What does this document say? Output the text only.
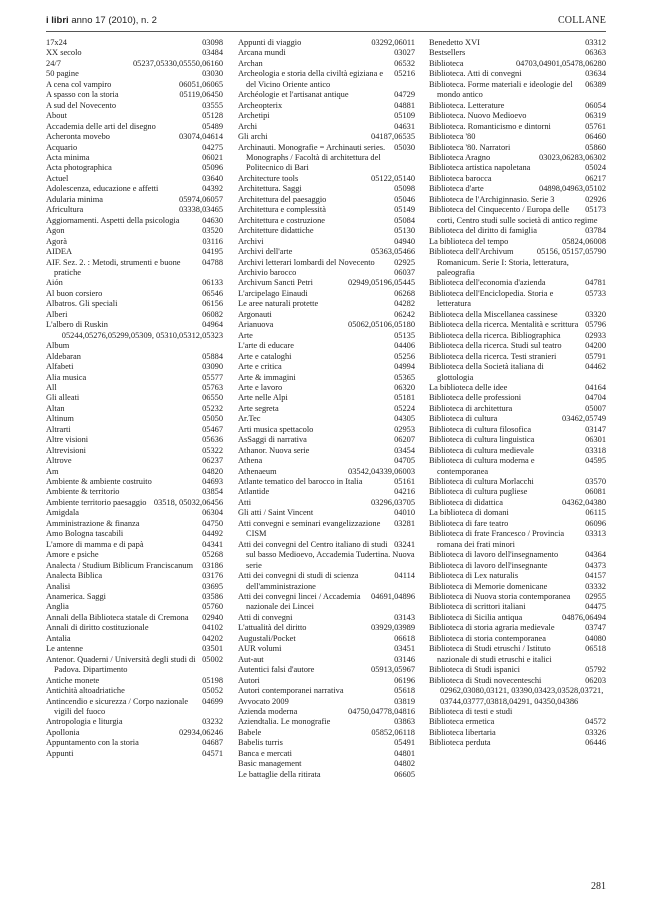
i libri anno 17 (2010), n. 2	COLLANE
03098
17x24
03484
XX secolo
05237,05330,05550,06160
24/7
03030
50 pagine
06051,06065
A cena col vampiro
05119,06450
A spasso con la storia
03555
A sud del Novecento
05128
About
05489
Accademia delle arti del disegno
03074,04614
Acheronta movebo
04275
Acquario
06021
Acta minima
05096
Acta photographica
03640
Actuel
04392
Adolescenza, educazione e affetti
05974,06057
Adularia minima
03338,03465
Africultura
04630
Aggiornamenti. Aspetti della psicologia
03520
Agon
03116
Agorà
04195
AIDEA
04788
AIF. Sez. 2. : Metodi, strumenti e buone pratiche
06133
Aión
06546
Al buon corsiero
06156
Albatros. Gli speciali
06082
Alberi
04964
L'albero di Ruskin
05244,05276,05299,05309, 05310,05312,05323
Album
05884
Aldebaran
03090
Alfabeti
05577
Alia musica
05763
All
06550
Gli alleati
05232
Altan
05050
Altinum
05467
Altrarti
05636
Altre visioni
05322
Altrevisioni
06237
Altrove
04820
Am
04693
Ambiente & ambiente costruito
03854
Ambiente & territorio
03518, 05032,06456
Ambiente territorio paesaggio
06304
Amigdala
04750
Amministrazione & finanza
04492
Amo Bologna tascabili
04341
L'amore di mamma e di papà
05268
Amore e psiche
03186
Analecta / Studium Biblicum Franciscanum
03176
Analecta Biblica
03695
Analisi
03586
Anamerica. Saggi
05760
Anglia
02940
Annali della Biblioteca statale di Cremona
04102
Annali di diritto costituzionale
04202
Antalia
03501
Le antenne
05002
Antenor. Quaderni / Università degli studi di Padova. Dipartimento
05198
Antiche monete
05052
Antichità altoadriatiche
04699
Antincendio e sicurezza / Corpo nazionale vigili del fuoco
03232
Antropologia e liturgia
02934,06246
Apollonia
04687
Appuntamento con la storia
04571
Appunti
03292,06011
Appunti di viaggio
03027
Arcana mundi
06532
Archan
05216
Archeologia e storia della civiltà egiziana e del Vicino Oriente antico
04729
Archéologie et l'artisanat antique
04881
Archeopterix
05109
Archetipi
04631
Archi
04187,06535
Gli archi
05030
Archinauti. Monografie = Archinauti series. Monographs / Facoltà di architettura del Politecnico di Bari
05122,05140
Architecture tools
05098
Architettura. Saggi
05046
Architettura del paesaggio
05149
Architettura e complessità
05084
Architettura e costruzione
05130
Architetture didattiche
04940
Archivi
05363,05466
Archivi dell'arte
02925
Archivi letterari lombardi del Novecento
06037
Archivio barocco
02949,05196,05445
Archivum Sancti Petri
06268
L'arcipelago Einaudi
04282
Le aree naturali protette
06242
Argonauti
05062,05106,05180
Arianuova
05135
Arte
04406
L'arte di educare
05256
Arte e cataloghi
04994
Arte e critica
05365
Arte & immagini
06320
Arte e lavoro
05181
Arte nelle Alpi
05224
Arte segreta
04305
Ar.Tec
02953
Arti musica spettacolo
06207
AsSaggi di narrativa
03454
Athanor. Nuova serie
04705
Athena
03542,04339,06003
Athenaeum
05161
Atlante tematico del barocco in Italia
04216
Atlantide
03296,03705
Atti
04010
Gli atti / Saint Vincent
03281
Atti convegni e seminari evangelizzazione CISM
03241
Atti dei convegni del Centro italiano di studi sul basso Medioevo, Accademia Tudertina. Nuova serie
04114
Atti dei convegni di studi di scienza dell'amministrazione
04691,04896
Atti dei convegni lincei / Accademia nazionale dei Lincei
03143
Atti di convegni
03929,03989
L'attualità del diritto
06618
Augustali/Pocket
03451
AUR volumi
03146
Aut-aut
05913,05967
Autentici falsi d'autore
06196
Autori
05618
Autori contemporanei narrativa
03819
Avvocato 2009
04750,04778,04816
Azienda moderna
03863
Aziendtalia. Le monografie
05852,06118
Babele
05491
Babelis turris
04801
Banca e mercati
04802
Basic management
06605
Le battaglie della ritirata
03312
Benedetto XVI
06363
Bestsellers
04703,04901,05478,06280
Biblioteca
03634
Biblioteca. Atti di convegni
06389
Biblioteca. Forme materiali e ideologie del mondo antico
06054
Biblioteca. Letterature
06319
Biblioteca. Nuovo Medioevo
05761
Biblioteca. Romanticismo e dintorni
06460
Biblioteca '80
05860
Biblioteca '80. Narratori
03023,06283,06302
Biblioteca Aragno
05024
Biblioteca artistica napoletana
06217
Biblioteca barocca
04898,04963,05102
Biblioteca d'arte
02926
Biblioteca de l'Archiginnasio. Serie 3
05173
Biblioteca del Cinquecento / Europa delle corti, Centro studi sulle società di antico regime
03784
Biblioteca del diritto di famiglia
05824,06008
La biblioteca del tempo
05156, 05157,05790
Biblioteca dell'Archivum Romanicum. Serie I: Storia, letteratura, paleografia
04781
Biblioteca dell'economia d'azienda
05733
Biblioteca dell'Enciclopedia. Storia e letteratura
03320
Biblioteca della Miscellanea cassinese
05796
Biblioteca della ricerca. Mentalità e scrittura
02933
Biblioteca della ricerca. Bibliographica
04200
Biblioteca della ricerca. Studi sul teatro
05791
Biblioteca della ricerca. Testi stranieri
04462
Biblioteca della Società italiana di glottologia
04164
La biblioteca delle idee
04704
Biblioteca delle professioni
05007
Biblioteca di architettura
03462,05749
Biblioteca di cultura
03147
Biblioteca di cultura filosofica
06301
Biblioteca di cultura linguistica
03318
Biblioteca di cultura medievale
04595
Biblioteca di cultura moderna e contemporanea
03570
Biblioteca di cultura Morlacchi
06081
Biblioteca di cultura pugliese
04362,04380
Biblioteca di didattica
06115
La biblioteca di domani
06096
Biblioteca di fare teatro
03313
Biblioteca di frate Francesco / Provincia romana dei frati minori
04364
Biblioteca di lavoro dell'insegnamento
04373
Biblioteca di lavoro dell'insegnante
04157
Biblioteca di Lex naturalis
03332
Biblioteca di Memorie domenicane
02955
Biblioteca di Nuova storia contemporanea
04475
Biblioteca di scrittori italiani
04876,06494
Biblioteca di Sicilia antiqua
03747
Biblioteca di storia agraria medievale
04080
Biblioteca di storia contemporanea
06518
Biblioteca di Studi etruschi / Istituto nazionale di studi etruschi e italici
05792
Biblioteca di Studi ispanici
06203
Biblioteca di Studi novecenteschi
02962,03080,03121, 03390,03423,03528,03721, 03744,03777,03818,04291, 04350,04386
Biblioteca di testi e studi
04572
Biblioteca ermetica
03326
Biblioteca libertaria
06446
Biblioteca perduta
281
